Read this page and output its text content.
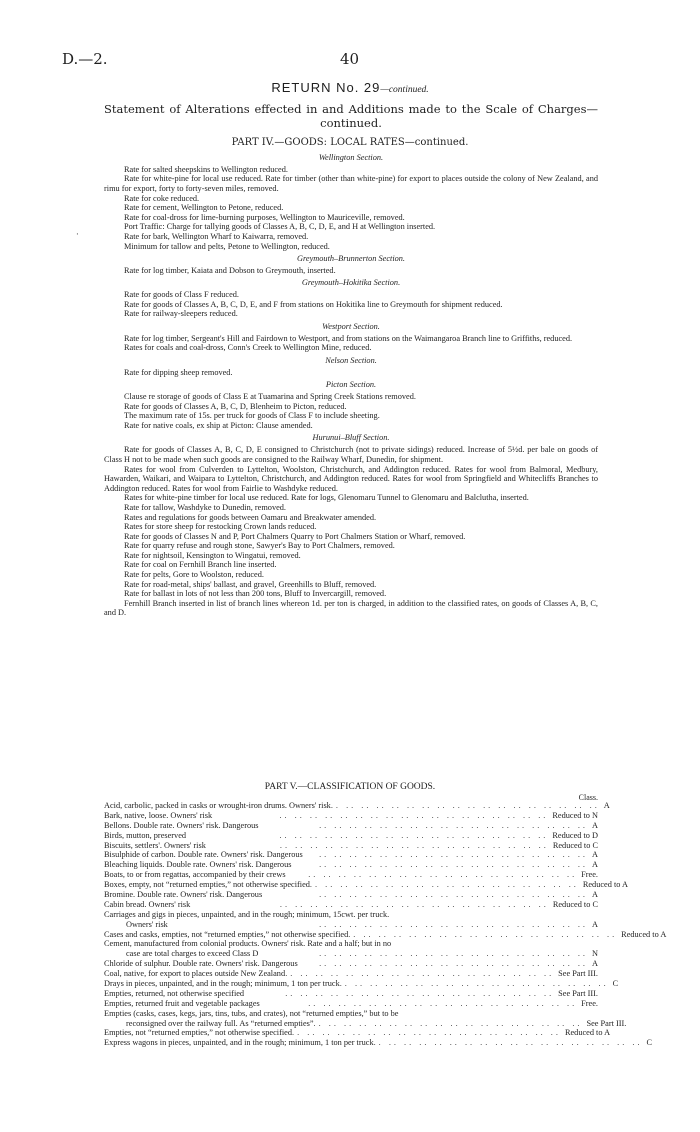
D.—2.	40
RETURN No. 29—continued.
Statement of Alterations effected in and Additions made to the Scale of Charges—continued.
PART IV.—GOODS: LOCAL RATES—continued.
Wellington Section.
Rate for salted sheepskins to Wellington reduced.
Rate for white-pine for local use reduced. Rate for timber (other than white-pine) for export to places outside the colony of New Zealand, and rimu for export, forty to forty-seven miles, removed.
Rate for coke reduced.
Rate for cement, Wellington to Petone, reduced.
Rate for coal-dross for lime-burning purposes, Wellington to Mauriceville, removed.
Port Traffic: Charge for tallying goods of Classes A, B, C, D, E, and H at Wellington inserted.
Rate for bark, Wellington Wharf to Kaiwarra, removed.
Minimum for tallow and pelts, Petone to Wellington, reduced.
Greymouth–Brunnerton Section.
Rate for log timber, Kaiata and Dobson to Greymouth, inserted.
Greymouth–Hokitika Section.
Rate for goods of Class F reduced.
Rate for goods of Classes A, B, C, D, E, and F from stations on Hokitika line to Greymouth for shipment reduced.
Rate for railway-sleepers reduced.
Westport Section.
Rate for log timber, Sergeant's Hill and Fairdown to Westport, and from stations on the Waimangaroa Branch line to Griffiths, reduced.
Rates for coals and coal-dross, Conn's Creek to Wellington Mine, reduced.
Nelson Section.
Rate for dipping sheep removed.
Picton Section.
Clause re storage of goods of Class E at Tuamarina and Spring Creek Stations removed.
Rate for goods of Classes A, B, C, D, Blenheim to Picton, reduced.
The maximum rate of 15s. per truck for goods of Class F to include sheeting.
Rate for native coals, ex ship at Picton: Clause amended.
Hurunui–Bluff Section.
Rate for goods of Classes A, B, C, D, E consigned to Christchurch (not to private sidings) reduced. Increase of 5½d. per bale on goods of Class H not to be made when such goods are consigned to the Railway Wharf, Dunedin, for shipment.
Rates for wool from Culverden to Lyttelton, Woolston, Christchurch, and Addington reduced. Rates for wool from Balmoral, Medbury, Hawarden, Waikari, and Waipara to Lyttelton, Christchurch, and Addington reduced. Rates for wool from Springfield and Whitecliffs Branches to Addington reduced. Rates for wool from Fairlie to Washdyke reduced.
Rates for white-pine timber for local use reduced. Rate for logs, Glenomaru Tunnel to Glenomaru and Balclutha, inserted.
Rate for tallow, Washdyke to Dunedin, removed.
Rates and regulations for goods between Oamaru and Breakwater amended.
Rates for store sheep for restocking Crown lands reduced.
Rate for goods of Classes N and P, Port Chalmers Quarry to Port Chalmers Station or Wharf, removed.
Rate for quarry refuse and rough stone, Sawyer's Bay to Port Chalmers, removed.
Rate for nightsoil, Kensington to Wingatui, removed.
Rate for coal on Fernhill Branch line inserted.
Rate for pelts, Gore to Woolston, reduced.
Rate for road-metal, ships' ballast, and gravel, Greenhills to Bluff, removed.
Rate for ballast in lots of not less than 200 tons, Bluff to Invercargill, removed.
Fernhill Branch inserted in list of branch lines whereon 1d. per ton is charged, in addition to the classified rates, on goods of Classes A, B, C, and D.
·
PART V.—CLASSIFICATION OF GOODS.
Class.
Acid, carbolic, packed in casks or wrought-iron drums. Owners' risk .. .. .. .. .. .. .. .. .. .. .. .. .. .. .. .. .. .. A
Bark, native, loose. Owners' risk	.. .. .. .. .. .. .. .. .. .. .. .. .. .. .. .. .. .. Reduced to N
Bellons. Double rate. Owners' risk. Dangerous	.. .. .. .. .. .. .. .. .. .. .. .. .. .. .. .. .. .. A
Birds, mutton, preserved	.. .. .. .. .. .. .. .. .. .. .. .. .. .. .. .. .. .. Reduced to D
Biscuits, settlers'. Owners' risk	.. .. .. .. .. .. .. .. .. .. .. .. .. .. .. .. .. .. Reduced to C
Bisulphide of carbon. Double rate. Owners' risk. Dangerous	.. .. .. .. .. .. .. .. .. .. .. .. .. .. .. .. .. .. A
Bleaching liquids. Double rate. Owners' risk. Dangerous	.. .. .. .. .. .. .. .. .. .. .. .. .. .. .. .. .. .. A
Boats, to or from regattas, accompanied by their crews	.. .. .. .. .. .. .. .. .. .. .. .. .. .. .. .. .. .. Free.
Boxes, empty, not “returned empties,” not otherwise specified .. .. .. .. .. .. .. .. .. .. .. .. .. .. .. .. .. .. Reduced to A
Bromine. Double rate. Owners' risk. Dangerous	.. .. .. .. .. .. .. .. .. .. .. .. .. .. .. .. .. .. A
Cabin bread. Owners' risk	.. .. .. .. .. .. .. .. .. .. .. .. .. .. .. .. .. .. Reduced to C
Carriages and gigs in pieces, unpainted, and in the rough; minimum, 15cwt. per truck.
Owners' risk	.. .. .. .. .. .. .. .. .. .. .. .. .. .. .. .. .. .. A
Cases and casks, empties, not “returned empties,” not otherwise specified .. .. .. .. .. .. .. .. .. .. .. .. .. .. .. .. .. .. Reduced to A
Cement, manufactured from colonial products. Owners' risk. Rate and a half; but in no
case are total charges to exceed Class D	.. .. .. .. .. .. .. .. .. .. .. .. .. .. .. .. .. .. N
Chloride of sulphur. Double rate. Owners' risk. Dangerous	.. .. .. .. .. .. .. .. .. .. .. .. .. .. .. .. .. .. A
Coal, native, for export to places outside New Zealand .. .. .. .. .. .. .. .. .. .. .. .. .. .. .. .. .. .. See Part III.
Drays in pieces, unpainted, and in the rough; minimum, 1 ton per truck .. .. .. .. .. .. .. .. .. .. .. .. .. .. .. .. .. .. C
Empties, returned, not otherwise specified	.. .. .. .. .. .. .. .. .. .. .. .. .. .. .. .. .. .. See Part III.
Empties, returned fruit and vegetable packages	.. .. .. .. .. .. .. .. .. .. .. .. .. .. .. .. .. .. Free.
Empties (casks, cases, kegs, jars, tins, tubs, and crates), not “returned empties,” but to be
reconsigned over the railway full. As “returned empties” .. .. .. .. .. .. .. .. .. .. .. .. .. .. .. .. .. .. See Part III.
Empties, not “returned empties,” not otherwise specified .. .. .. .. .. .. .. .. .. .. .. .. .. .. .. .. .. .. Reduced to A
Express wagons in pieces, unpainted, and in the rough; minimum, 1 ton per truck .. .. .. .. .. .. .. .. .. .. .. .. .. .. .. .. .. .. C
